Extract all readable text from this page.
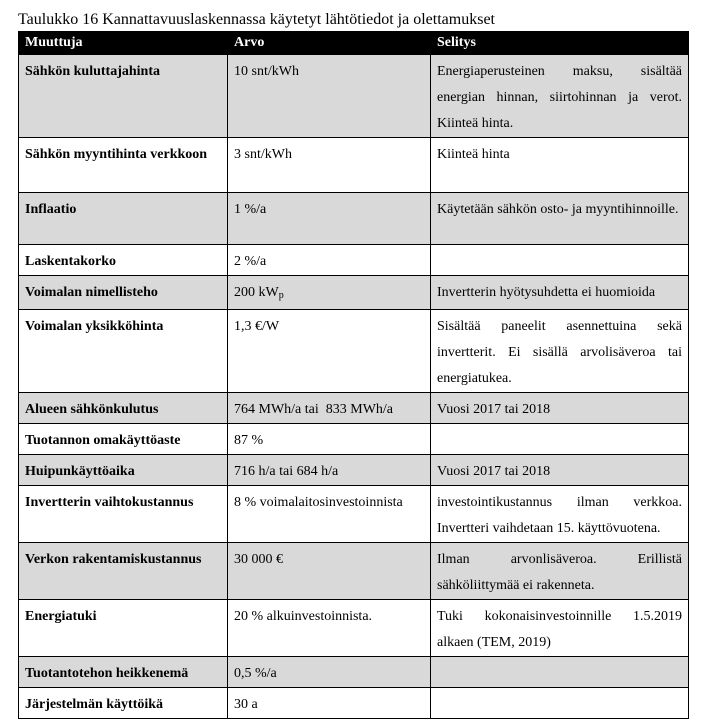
Taulukko 16 Kannattavuuslaskennassa käytetyt lähtötiedot ja olettamukset
Muuttuja	Arvo	Selitys
Sähkön kuluttajahinta	10 snt/kWh	Energiaperusteinen maksu, sisältää energian hinnan, siirtohinnan ja verot. Kiinteä hinta.
Sähkön myyntihinta verkkoon	3 snt/kWh	Kiinteä hinta
Inflaatio	1 %/a	Käytetään sähkön osto- ja myyntihinnoille.
Laskentakorko	2 %/a	
Voimalan nimellisteho	200 $kW_p$	Invertterin hyötysuhdetta ei huomioida
Voimalan yksikköhinta	1,3 €/W	Sisältää paneelit asennettuina sekä invertterit. Ei sisällä arvolisäveroa tai energiatukea.
Alueen sähkönkulutus	764 MWh/a tai  833 MWh/a	Vuosi 2017 tai 2018
Tuotannon omakäyttöaste	87 %	
Huipunkäyttöaika	716 h/a tai 684 h/a	Vuosi 2017 tai 2018
Invertterin vaihtokustannus	8 % voimalaitosinvestoinnista	investointikustannus ilman verkkoa. Invertteri vaihdetaan 15. käyttövuotena.
Verkon rakentamiskustannus	30 000 €	Ilman arvonlisäveroa. Erillistä sähköliittymää ei rakenneta.
Energiatuki	20 % alkuinvestoinnista.	Tuki kokonaisinvestoinnille 1.5.2019 alkaen (TEM, 2019)
Tuotantotehon heikkenemä	0,5 %/a	
Järjestelmän käyttöikä	30 a	
